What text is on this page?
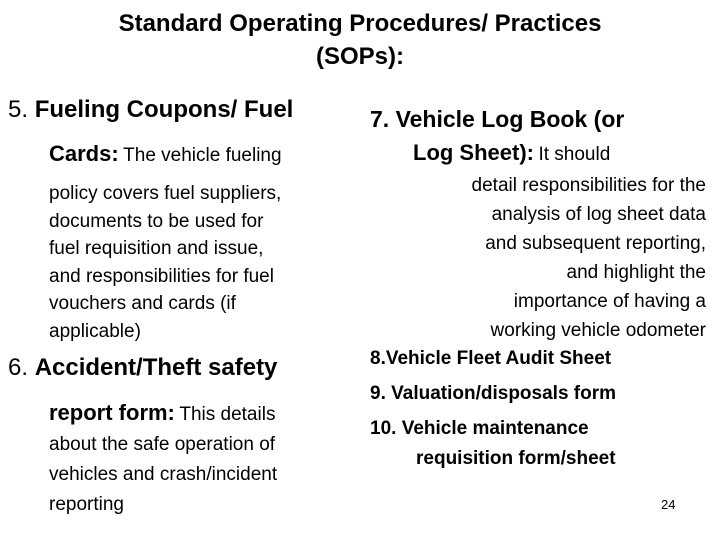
Standard Operating Procedures/ Practices
(SOPs):
5. Fueling Coupons/ Fuel
Cards: The vehicle fueling
policy covers fuel suppliers,
documents to be used for
fuel requisition and issue,
and responsibilities for fuel
vouchers and cards (if
applicable)
6. Accident/Theft safety
report form: This details
about the safe operation of
vehicles and crash/incident
reporting
7. Vehicle Log Book (or
Log Sheet): It should
detail responsibilities for the
analysis of log sheet data
and subsequent reporting,
and highlight the
importance of having a
working vehicle odometer
8.Vehicle Fleet Audit Sheet
9. Valuation/disposals form
10. Vehicle maintenance
requisition form/sheet
24
